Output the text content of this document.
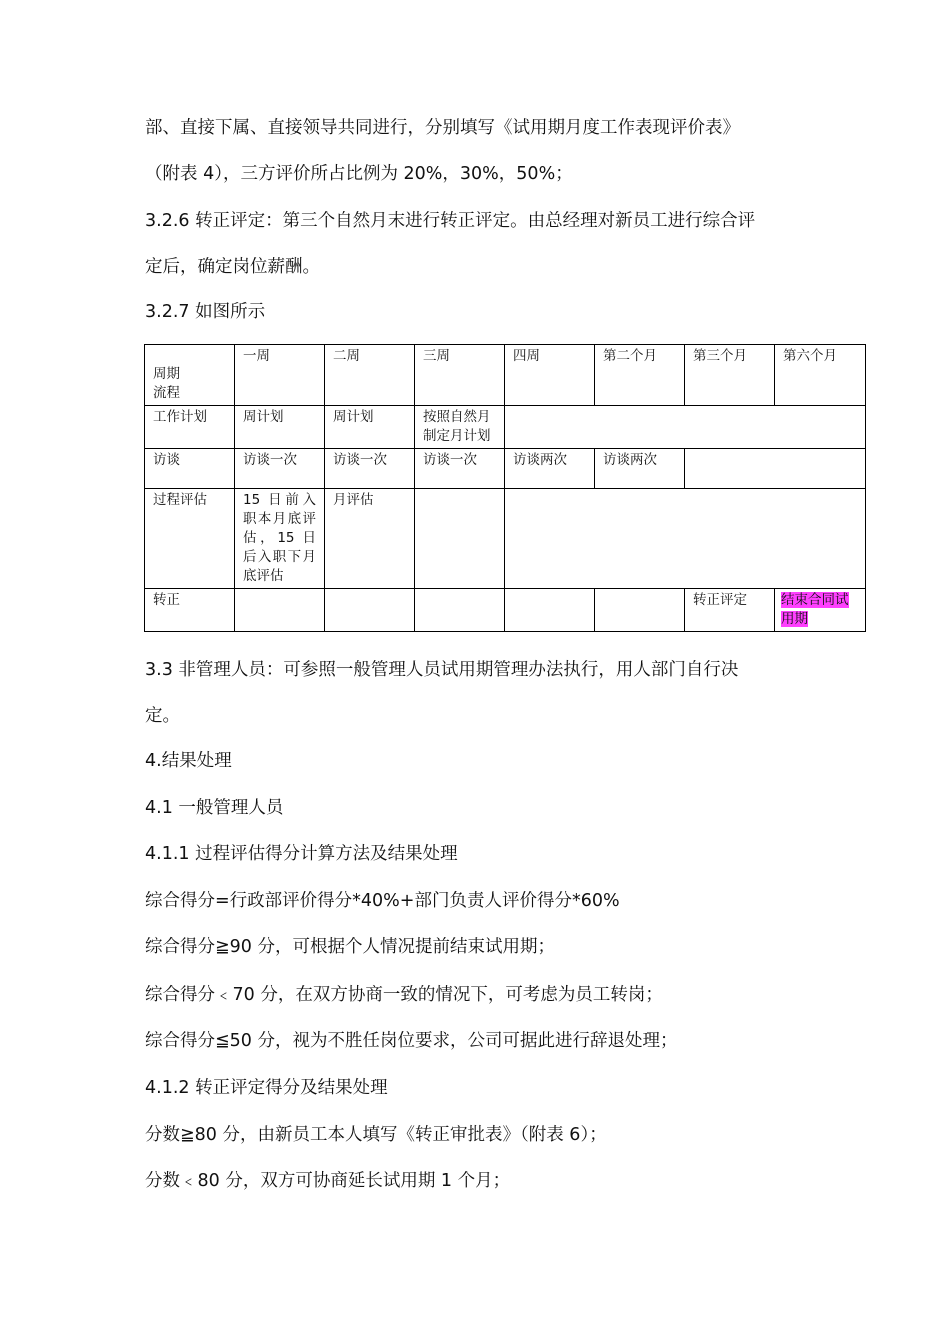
部、直接下属、直接领导共同进行，分别填写《试用期月度工作表现评价表》
（附表 4），三方评价所占比例为 20%，30%，50%；
3.2.6 转正评定：第三个自然月末进行转正评定。由总经理对新员工进行综合评
定后，确定岗位薪酬。
3.2.7 如图所示
周期
流程	一周	二周	三周	四周	第二个月	第三个月	第六个月
工作计划	周计划	周计划	按照自然月
制定月计划				

访谈	访谈一次	访谈一次	访谈一次	访谈两次	访谈两次		
过程评估	15 日前入
职本月底评
估，15 日
后入职下月
底评估	月评估					
转正						转正评定	结束合同试
用期
3.3 非管理人员：可参照一般管理人员试用期管理办法执行，用人部门自行决
定。
4.结果处理
4.1 一般管理人员
4.1.1 过程评估得分计算方法及结果处理
综合得分=行政部评价得分*40%+部门负责人评价得分*60%
综合得分≧90 分，可根据个人情况提前结束试用期；
综合得分﹤70 分，在双方协商一致的情况下，可考虑为员工转岗；
综合得分≦50 分，视为不胜任岗位要求，公司可据此进行辞退处理；
4.1.2 转正评定得分及结果处理
分数≧80 分，由新员工本人填写《转正审批表》（附表 6）；
分数﹤80 分，双方可协商延长试用期 1 个月；
